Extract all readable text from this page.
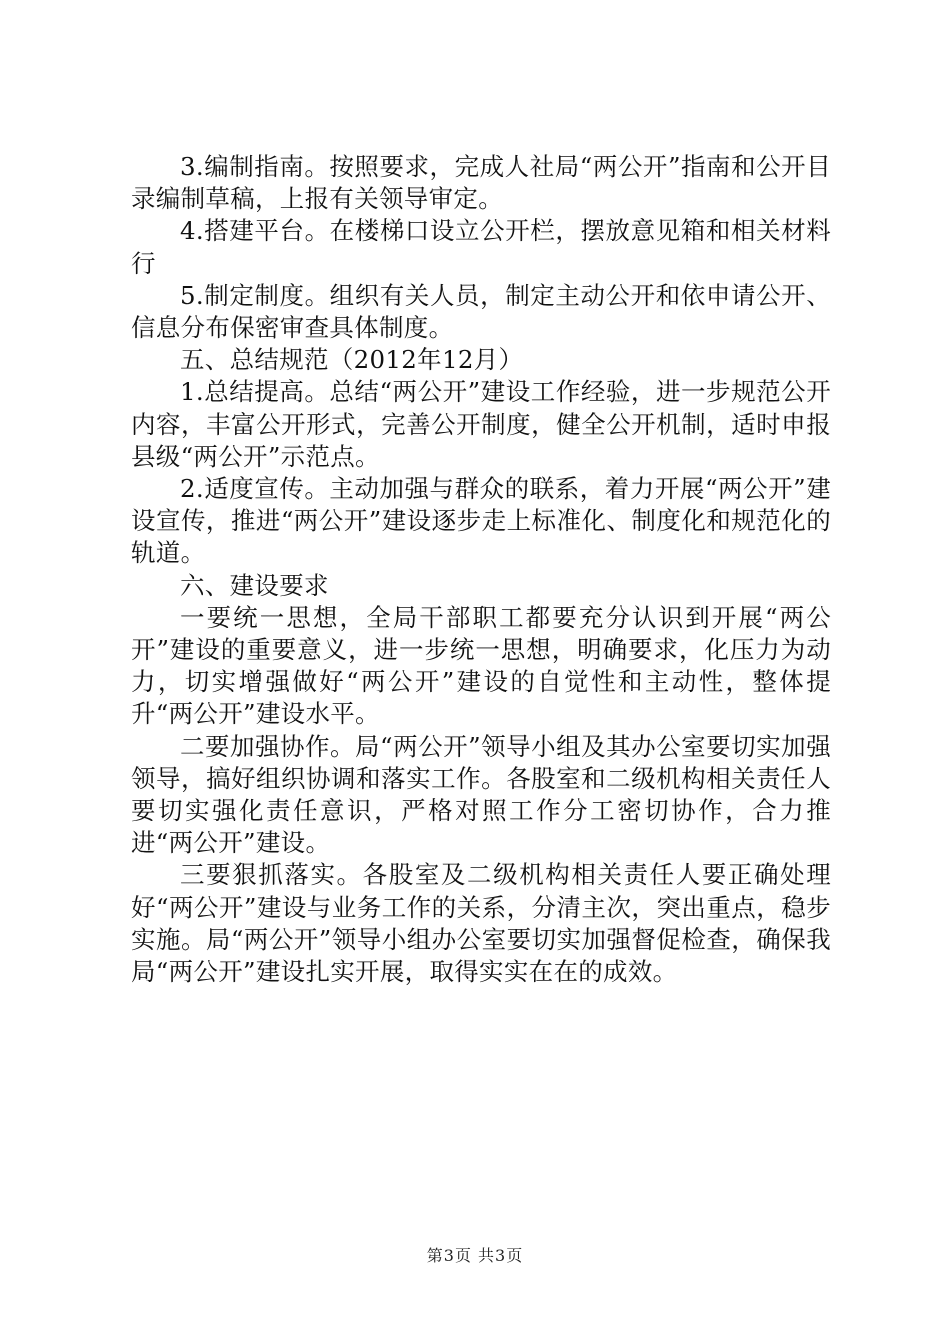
3.编制指南。按照要求，完成人社局“两公开”指南和公开目录编制草稿，上报有关领导审定。

4.搭建平台。在楼梯口设立公开栏，摆放意见箱和相关材料行

5.制定制度。组织有关人员，制定主动公开和依申请公开、信息分布保密审查具体制度。

五、总结规范（2012年12月）

1.总结提高。总结“两公开”建设工作经验，进一步规范公开内容，丰富公开形式，完善公开制度，健全公开机制，适时申报县级“两公开”示范点。

2.适度宣传。主动加强与群众的联系，着力开展“两公开”建设宣传，推进“两公开”建设逐步走上标准化、制度化和规范化的轨道。

六、建设要求

一要统一思想，全局干部职工都要充分认识到开展“两公开”建设的重要意义，进一步统一思想，明确要求，化压力为动力，切实增强做好“两公开”建设的自觉性和主动性，整体提升“两公开”建设水平。

二要加强协作。局“两公开”领导小组及其办公室要切实加强领导，搞好组织协调和落实工作。各股室和二级机构相关责任人要切实强化责任意识，严格对照工作分工密切协作，合力推进“两公开”建设。

三要狠抓落实。各股室及二级机构相关责任人要正确处理好“两公开”建设与业务工作的关系，分清主次，突出重点，稳步实施。局“两公开”领导小组办公室要切实加强督促检查，确保我局“两公开”建设扎实开展，取得实实在在的成效。

第3页 共3页
